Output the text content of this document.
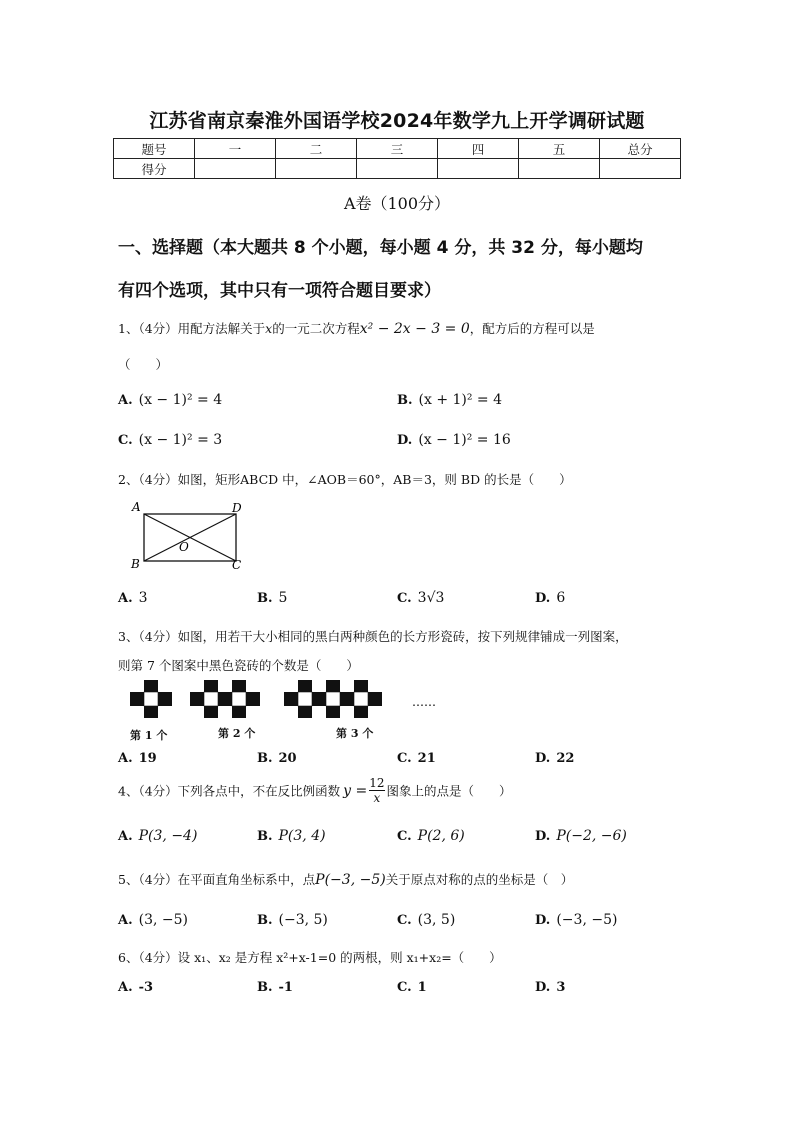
江苏省南京秦淮外国语学校2024年数学九上开学调研试题
题号	一	二	三	四	五	总分
得分						
A卷（100分）
一、选择题（本大题共 8 个小题，每小题 4 分，共 32 分，每小题均
有四个选项，其中只有一项符合题目要求）
1、（4分）用配方法解关于x的一元二次方程x² − 2x − 3 = 0，配方后的方程可以是
（　　）
A. (x − 1)² = 4	B. (x + 1)² = 4
C. (x − 1)² = 3	D. (x − 1)² = 16
2、（4分）如图，矩形ABCD 中，∠AOB＝60°，AB＝3，则 BD 的长是（　　）
A	D
B	C
O
A. 3	B. 5	C. 3√3	D. 6
3、（4分）如图，用若干大小相同的黑白两种颜色的长方形瓷砖，按下列规律铺成一列图案，
则第 7 个图案中黑色瓷砖的个数是（　　）
……
第 1 个	第 2 个	第 3 个
A. 19	B. 20	C. 21	D. 22
4、（4分）下列各点中，不在反比例函数 $y = \frac{12}{x}$ 图象上的点是（　　）
A. P(3, −4)	B. P(3, 4)	C. P(2, 6)	D. P(−2, −6)
5、（4分）在平面直角坐标系中，点P(−3, −5)关于原点对称的点的坐标是（　）
A. (3, −5)	B. (−3, 5)	C. (3, 5)	D. (−3, −5)
6、（4分）设 x₁、x₂ 是方程 x²+x-1=0 的两根，则 x₁+x₂=（　　）
A. -3	B. -1	C. 1	D. 3
